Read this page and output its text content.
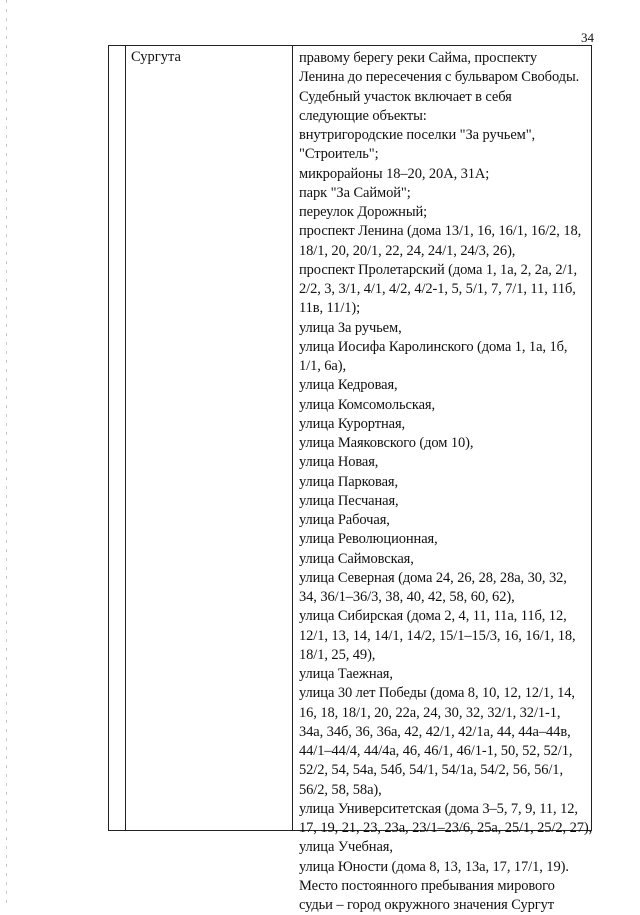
34
Сургута	правому берегу реки Сайма, проспекту
Ленина до пересечения с бульваром Свободы.
Судебный участок включает в себя
следующие объекты:
внутригородские поселки "За ручьем",
"Строитель";
микрорайоны 18–20, 20А, 31А;
парк "За Саймой";
переулок Дорожный;
проспект Ленина (дома 13/1, 16, 16/1, 16/2, 18,
18/1, 20, 20/1, 22, 24, 24/1, 24/3, 26),
проспект Пролетарский (дома 1, 1а, 2, 2а, 2/1,
2/2, 3, 3/1, 4/1, 4/2, 4/2-1, 5, 5/1, 7, 7/1, 11, 11б,
11в, 11/1);
улица За ручьем,
улица Иосифа Каролинского (дома 1, 1а, 1б,
1/1, 6а),
улица Кедровая,
улица Комсомольская,
улица Курортная,
улица Маяковского (дом 10),
улица Новая,
улица Парковая,
улица Песчаная,
улица Рабочая,
улица Революционная,
улица Саймовская,
улица Северная (дома 24, 26, 28, 28а, 30, 32,
34, 36/1–36/3, 38, 40, 42, 58, 60, 62),
улица Сибирская (дома 2, 4, 11, 11а, 11б, 12,
12/1, 13, 14, 14/1, 14/2, 15/1–15/3, 16, 16/1, 18,
18/1, 25, 49),
улица Таежная,
улица 30 лет Победы (дома 8, 10, 12, 12/1, 14,
16, 18, 18/1, 20, 22а, 24, 30, 32, 32/1, 32/1-1,
34а, 34б, 36, 36а, 42, 42/1, 42/1а, 44, 44а–44в,
44/1–44/4, 44/4а, 46, 46/1, 46/1-1, 50, 52, 52/1,
52/2, 54, 54а, 54б, 54/1, 54/1а, 54/2, 56, 56/1,
56/2, 58, 58а),
улица Университетская (дома 3–5, 7, 9, 11, 12,
17, 19, 21, 23, 23а, 23/1–23/6, 25а, 25/1, 25/2, 27),
улица Учебная,
улица Юности (дома 8, 13, 13а, 17, 17/1, 19).
Место постоянного пребывания мирового
судьи – город окружного значения Сургут
